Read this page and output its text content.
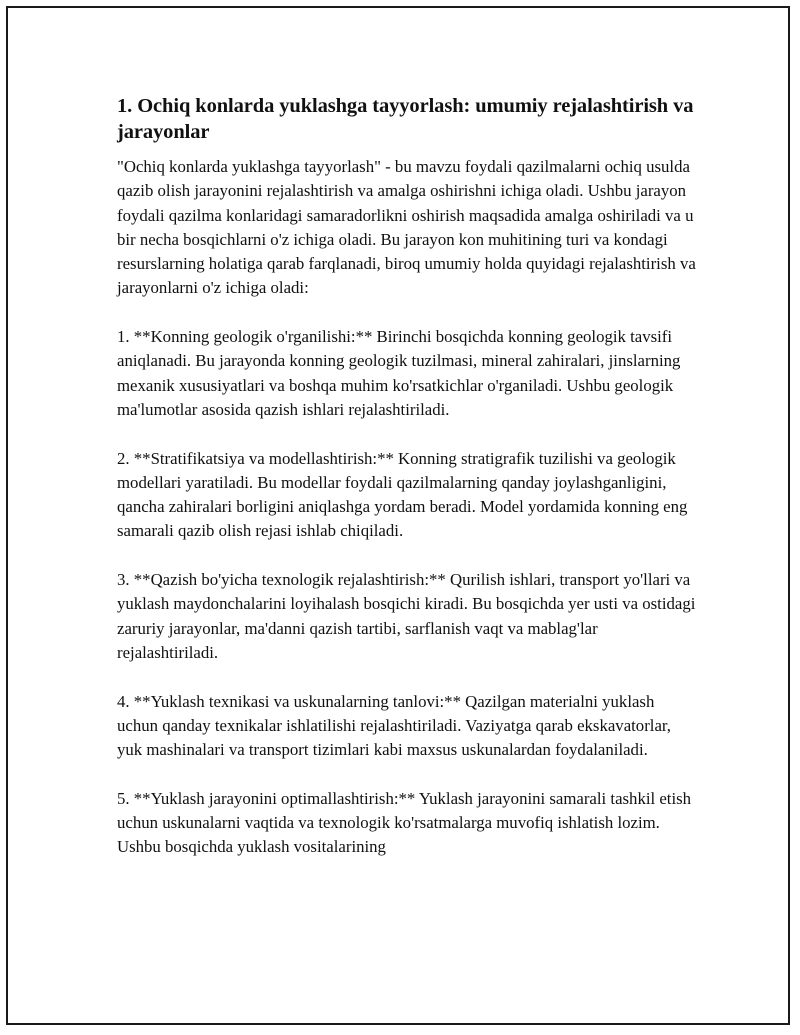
1. Ochiq konlarda yuklashga tayyorlash: umumiy rejalashtirish va jarayonlar

"Ochiq konlarda yuklashga tayyorlash" - bu mavzu foydali qazilmalarni ochiq usulda qazib olish jarayonini rejalashtirish va amalga oshirishni ichiga oladi. Ushbu jarayon foydali qazilma konlaridagi samaradorlikni oshirish maqsadida amalga oshiriladi va u bir necha bosqichlarni o'z ichiga oladi. Bu jarayon kon muhitining turi va kondagi resurslarning holatiga qarab farqlanadi, biroq umumiy holda quyidagi rejalashtirish va jarayonlarni o'z ichiga oladi:

1. **Konning geologik o'rganilishi:** Birinchi bosqichda konning geologik tavsifi aniqlanadi. Bu jarayonda konning geologik tuzilmasi, mineral zahiralari, jinslarning mexanik xususiyatlari va boshqa muhim ko'rsatkichlar o'rganiladi. Ushbu geologik ma'lumotlar asosida qazish ishlari rejalashtiriladi.

2. **Stratifikatsiya va modellashtirish:** Konning stratigrafik tuzilishi va geologik modellari yaratiladi. Bu modellar foydali qazilmalarning qanday joylashganligini, qancha zahiralari borligini aniqlashga yordam beradi. Model yordamida konning eng samarali qazib olish rejasi ishlab chiqiladi.

3. **Qazish bo'yicha texnologik rejalashtirish:** Qurilish ishlari, transport yo'llari va yuklash maydonchalarini loyihalash bosqichi kiradi. Bu bosqichda yer usti va ostidagi zaruriy jarayonlar, ma'danni qazish tartibi, sarflanish vaqt va mablag'lar rejalashtiriladi.

4. **Yuklash texnikasi va uskunalarning tanlovi:** Qazilgan materialni yuklash uchun qanday texnikalar ishlatilishi rejalashtiriladi. Vaziyatga qarab ekskavatorlar, yuk mashinalari va transport tizimlari kabi maxsus uskunalardan foydalaniladi.

5. **Yuklash jarayonini optimallashtirish:** Yuklash jarayonini samarali tashkil etish uchun uskunalarni vaqtida va texnologik ko'rsatmalarga muvofiq ishlatish lozim. Ushbu bosqichda yuklash vositalarining
